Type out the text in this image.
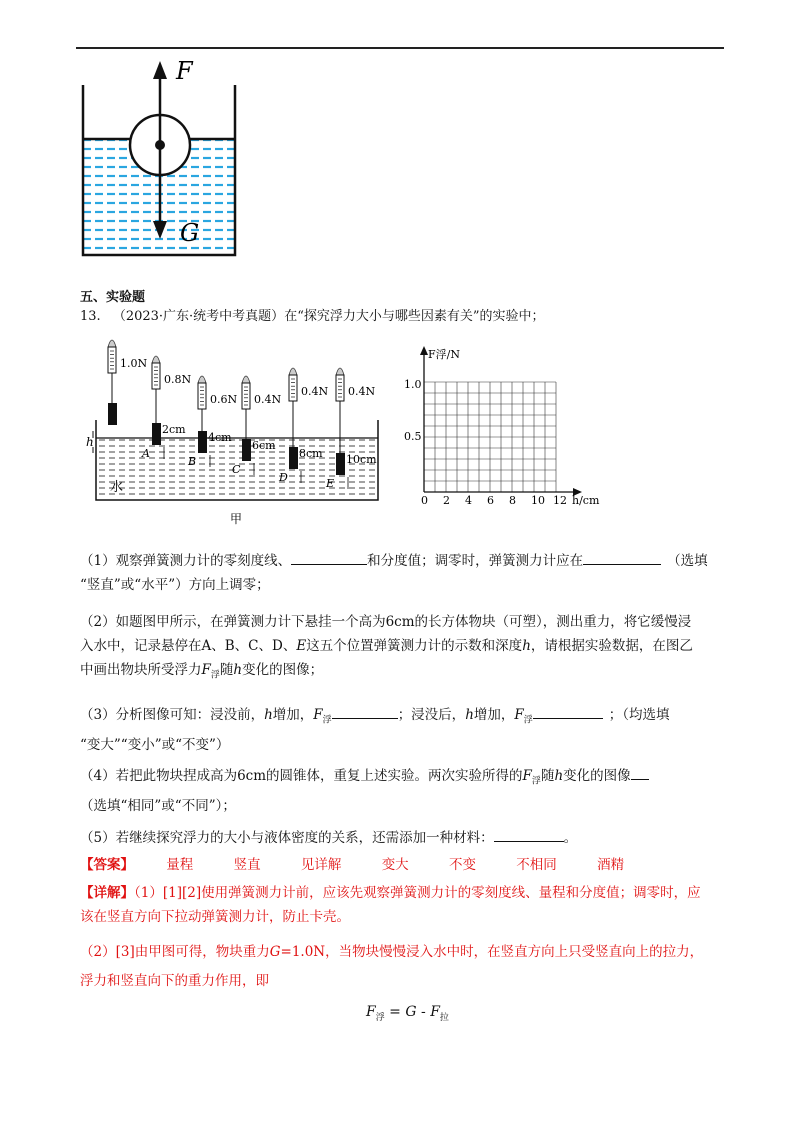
F
G
五、实验题
13. （2023·广东·统考中考真题）在“探究浮力大小与哪些因素有关”的实验中；
水
h
1.0N
0.8N
2cm
A
0.6N
4cm
B
0.4N
6cm
C
0.4N
8cm
D
0.4N
10cm
E
甲
F浮/N
h/cm
1.0
0.5
0 2 4 6 8 10 12
（1）观察弹簧测力计的零刻度线、	和分度值；调零时，弹簧测力计应在	（选填
“竖直”或“水平”）方向上调零；
（2）如题图甲所示，在弹簧测力计下悬挂一个高为6cm的长方体物块（可塑），测出重力，将它缓慢浸
入水中，记录悬停在A、B、C、D、E这五个位置弹簧测力计的示数和深度h，请根据实验数据，在图乙
中画出物块所受浮力$F_浮$随h变化的图像；
（3）分析图像可知：浸没前，h增加，$F_浮$	；浸没后，h增加，$F_浮$	；（均选填
“变大”“变小”或“不变”）
（4）若把此物块捏成高为6cm的圆锥体，重复上述实验。两次实验所得的$F_浮$随h变化的图像
（选填“相同”或“不同”）；
（5）若继续探究浮力的大小与液体密度的关系，还需添加一种材料：	。
【答案】 量程	竖直	见详解	变大	不变	不相同	酒精
【详解】（1）[1][2]使用弹簧测力计前，应该先观察弹簧测力计的零刻度线、量程和分度值；调零时，应
该在竖直方向下拉动弹簧测力计，防止卡壳。

（2）[3]由甲图可得，物块重力G=1.0N，当物块慢慢浸入水中时，在竖直方向上只受竖直向上的拉力，
浮力和竖直向下的重力作用，即
$F_浮 = G - F_拉$
